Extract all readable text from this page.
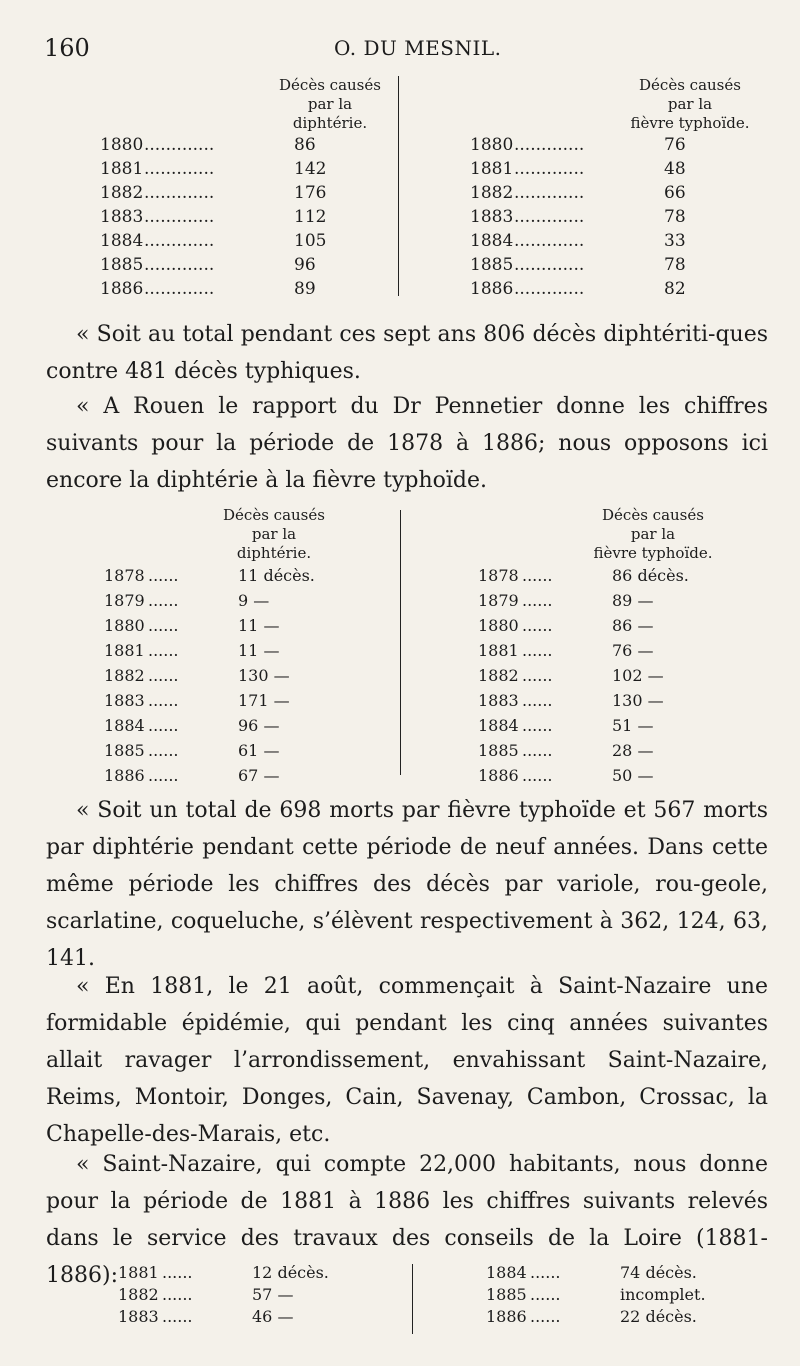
160	O. DU MESNIL.
Décès causés
par la
diphtérie.
1880 .............	86
1881 .............	142
1882 .............	176
1883 .............	112
1884 .............	105
1885 .............	96
1886 .............	89
Décès causés
par la
fièvre typhoïde.
1880 .............	76
1881 .............	48
1882 .............	66
1883 .............	78
1884 .............	33
1885 .............	78
1886 .............	82

« Soit au total pendant ces sept ans 806 décès diphtériti-ques contre 481 décès typhiques.

« A Rouen le rapport du Dr Pennetier donne les chiffres suivants pour la période de 1878 à 1886; nous opposons ici encore la diphtérie à la fièvre typhoïde.

Décès causés
par la
diphtérie.
1878 ......	11 décès.
1879 ......	9 —
1880 ......	11 —
1881 ......	11 —
1882 ......	130 —
1883 ......	171 —
1884 ......	96 —
1885 ......	61 —
1886 ......	67 —
Décès causés
par la
fièvre typhoïde.
1878 ......	86 décès.
1879 ......	89 —
1880 ......	86 —
1881 ......	76 —
1882 ......	102 —
1883 ......	130 —
1884 ......	51 —
1885 ......	28 —
1886 ......	50 —

« Soit un total de 698 morts par fièvre typhoïde et 567 morts par diphtérie pendant cette période de neuf années. Dans cette même période les chiffres des décès par variole, rou-geole, scarlatine, coqueluche, s’élèvent respectivement à 362, 124, 63, 141.

« En 1881, le 21 août, commençait à Saint-Nazaire une formidable épidémie, qui pendant les cinq années suivantes allait ravager l’arrondissement, envahissant Saint-Nazaire, Reims, Montoir, Donges, Cain, Savenay, Cambon, Crossac, la Chapelle-des-Marais, etc.

« Saint-Nazaire, qui compte 22,000 habitants, nous donne pour la période de 1881 à 1886 les chiffres suivants relevés dans le service des travaux des conseils de la Loire (1881-1886): 1881 ......	12 décès.
1882 ......	57 —
1883 ......	46 —
1884 ......	74 décès.
1885 ......	incomplet.
1886 ......	22 décès.
